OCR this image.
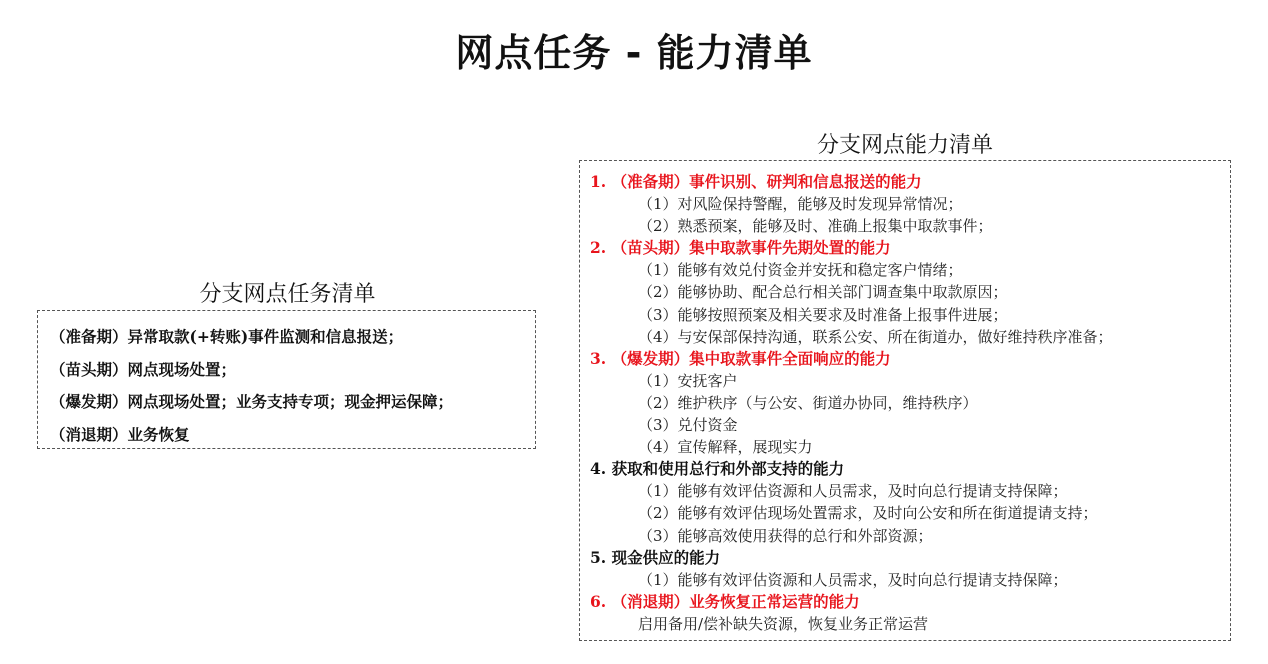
网点任务 - 能力清单
分支网点任务清单
（准备期）异常取款(+转账)事件监测和信息报送；
（苗头期）网点现场处置；
（爆发期）网点现场处置；业务支持专项；现金押运保障；
（消退期）业务恢复
分支网点能力清单
1. （准备期）事件识别、研判和信息报送的能力
（1）对风险保持警醒，能够及时发现异常情况；
（2）熟悉预案，能够及时、准确上报集中取款事件；
2. （苗头期）集中取款事件先期处置的能力
（1）能够有效兑付资金并安抚和稳定客户情绪；
（2）能够协助、配合总行相关部门调查集中取款原因；
（3）能够按照预案及相关要求及时准备上报事件进展；
（4）与安保部保持沟通，联系公安、所在街道办，做好维持秩序准备；
3. （爆发期）集中取款事件全面响应的能力
（1）安抚客户
（2）维护秩序（与公安、街道办协同，维持秩序）
（3）兑付资金
（4）宣传解释，展现实力
4. 获取和使用总行和外部支持的能力
（1）能够有效评估资源和人员需求，及时向总行提请支持保障；
（2）能够有效评估现场处置需求，及时向公安和所在街道提请支持；
（3）能够高效使用获得的总行和外部资源；
5. 现金供应的能力
（1）能够有效评估资源和人员需求，及时向总行提请支持保障；
6. （消退期）业务恢复正常运营的能力
启用备用/偿补缺失资源，恢复业务正常运营
